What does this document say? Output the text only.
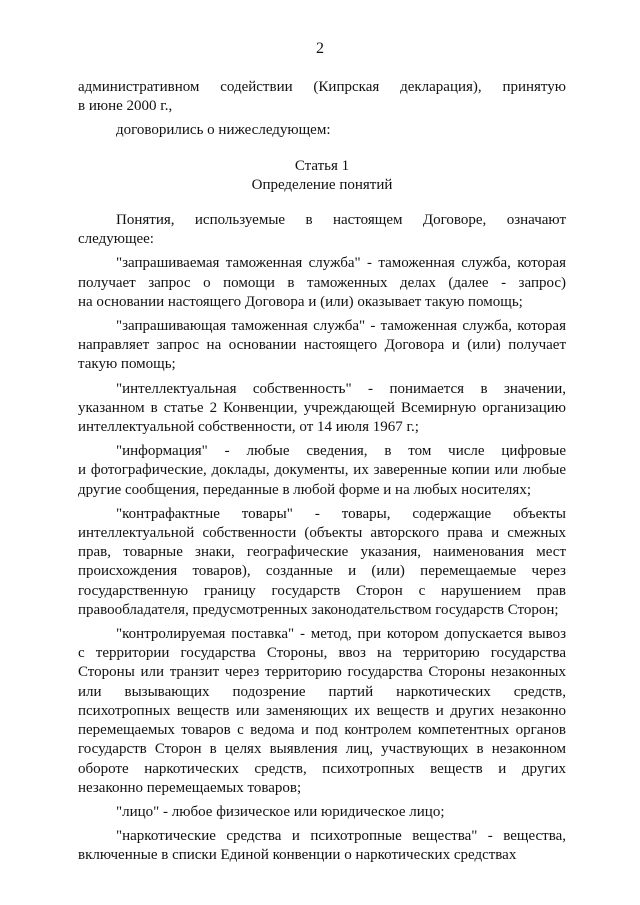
2

административном содействии (Кипрская декларация), принятую

в июне 2000 г.,

договорились о нижеследующем:

Статья 1

Определение понятий

Понятия, используемые в настоящем Договоре, означают

следующее:

"запрашиваемая таможенная служба" - таможенная служба, которая

получает запрос о помощи в таможенных делах (далее - запрос)

на основании настоящего Договора и (или) оказывает такую помощь;

"запрашивающая таможенная служба" - таможенная служба, которая

направляет запрос на основании настоящего Договора и (или) получает

такую помощь;

"интеллектуальная собственность" - понимается в значении,

указанном в статье 2 Конвенции, учреждающей Всемирную организацию

интеллектуальной собственности, от 14 июля 1967 г.;

"информация" - любые сведения, в том числе цифровые

и фотографические, доклады, документы, их заверенные копии или любые

другие сообщения, переданные в любой форме и на любых носителях;

"контрафактные товары" - товары, содержащие объекты

интеллектуальной собственности (объекты авторского права и смежных

прав, товарные знаки, географические указания, наименования мест

происхождения товаров), созданные и (или) перемещаемые через

государственную границу государств Сторон с нарушением прав

правообладателя, предусмотренных законодательством государств Сторон;

"контролируемая поставка" - метод, при котором допускается вывоз

с территории государства Стороны, ввоз на территорию государства

Стороны или транзит через территорию государства Стороны незаконных

или вызывающих подозрение партий наркотических средств,

психотропных веществ или заменяющих их веществ и других незаконно

перемещаемых товаров с ведома и под контролем компетентных органов

государств Сторон в целях выявления лиц, участвующих в незаконном

обороте наркотических средств, психотропных веществ и других

незаконно перемещаемых товаров;

"лицо" - любое физическое или юридическое лицо;

"наркотические средства и психотропные вещества" - вещества,

включенные в списки Единой конвенции о наркотических средствах
